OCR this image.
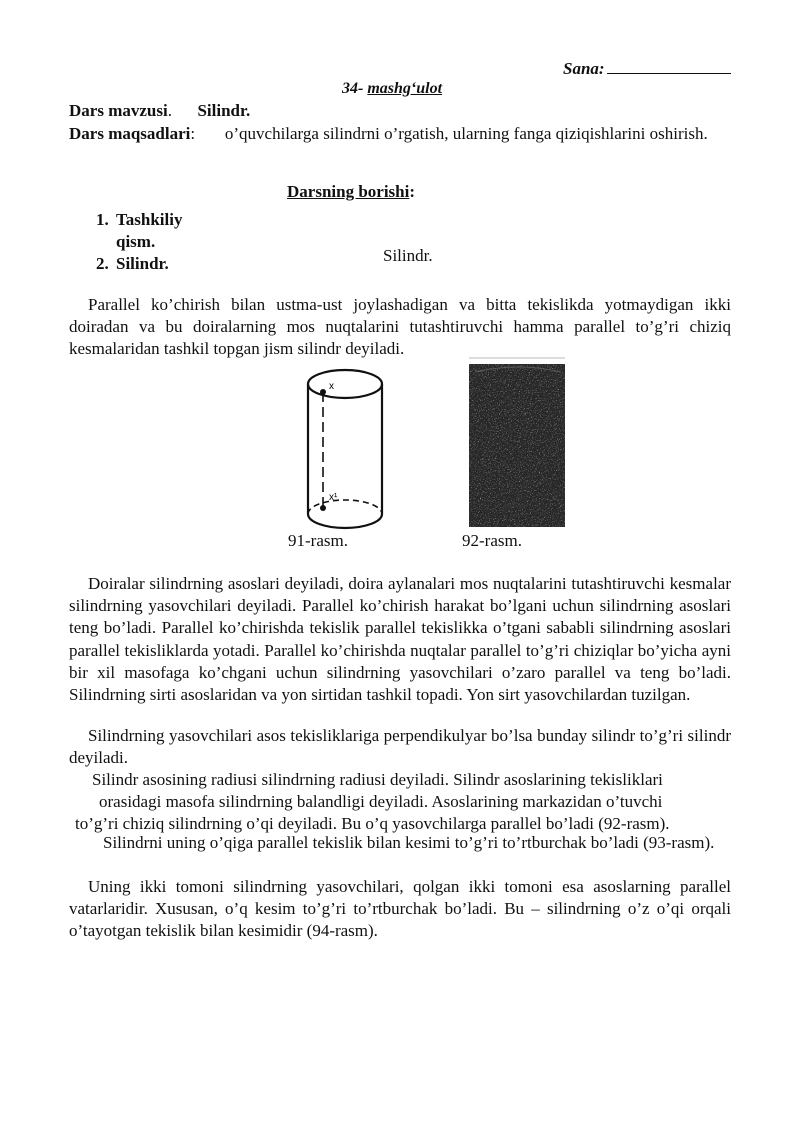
Sana:
34- mashg‘ulot
Dars mavzusi.      Silindr.
Dars maqsadlari:       o’quvchilarga silindrni o’rgatish, ularning fanga qiziqishlarini oshirish.
Darsning borishi:
1. Tashkiliy qism.
2. Silindr.	Silindr.
Parallel ko’chirish bilan ustma-ust joylashadigan va bitta tekislikda yotmaydigan ikki doiradan va bu doiralarning mos nuqtalarini tutashtiruvchi hamma parallel to’g’ri chiziq kesmalaridan tashkil topgan jism silindr deyiladi.
x
x¹
91-rasm.	92-rasm.
Doiralar silindrning asoslari deyiladi, doira aylanalari mos nuqtalarini tutashtiruvchi kesmalar silindrning yasovchilari deyiladi. Parallel ko’chirish harakat bo’lgani uchun silindrning asoslari teng bo’ladi. Parallel ko’chirishda tekislik parallel tekislikka o’tgani sababli silindrning asoslari parallel tekisliklarda yotadi. Parallel ko’chirishda nuqtalar parallel to’g’ri chiziqlar bo’yicha ayni bir xil masofaga ko’chgani uchun silindrning yasovchilari o’zaro parallel va teng bo’ladi. Silindrning sirti asoslaridan va yon sirtidan tashkil topadi. Yon sirt yasovchilardan tuzilgan.
Silindrning yasovchilari asos tekisliklariga perpendikulyar bo’lsa bunday silindr to’g’ri silindr deyiladi.
Silindr asosining radiusi silindrning radiusi deyiladi. Silindr asoslarining tekisliklari
orasidagi masofa silindrning balandligi deyiladi. Asoslarining markazidan o’tuvchi
to’g’ri chiziq silindrning o’qi deyiladi. Bu o’q yasovchilarga parallel bo’ladi (92-rasm).
Silindrni uning o’qiga parallel tekislik bilan kesimi to’g’ri to’rtburchak bo’ladi (93-rasm).
Uning ikki tomoni silindrning yasovchilari, qolgan ikki tomoni esa asoslarning parallel vatarlaridir. Xususan, o’q kesim to’g’ri to’rtburchak bo’ladi. Bu – silindrning o’z o’qi orqali o’tayotgan tekislik bilan kesimidir (94-rasm).
